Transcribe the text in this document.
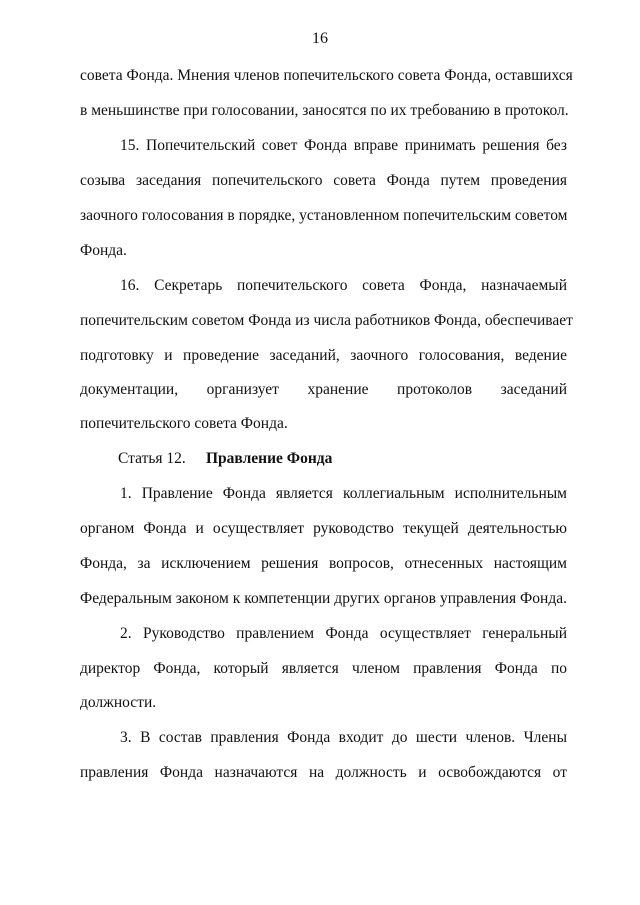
16
совета Фонда. Мнения членов попечительского совета Фонда, оставшихся
в меньшинстве при голосовании, заносятся по их требованию в протокол.
15. Попечительский совет Фонда вправе принимать решения без
созыва заседания попечительского совета Фонда путем проведения
заочного голосования в порядке, установленном попечительским советом
Фонда.
16. Секретарь попечительского совета Фонда, назначаемый
попечительским советом Фонда из числа работников Фонда, обеспечивает
подготовку и проведение заседаний, заочного голосования, ведение
документации, организует хранение протоколов заседаний
попечительского совета Фонда.
Статья 12. Правление Фонда
1. Правление Фонда является коллегиальным исполнительным
органом Фонда и осуществляет руководство текущей деятельностью
Фонда, за исключением решения вопросов, отнесенных настоящим
Федеральным законом к компетенции других органов управления Фонда.
2. Руководство правлением Фонда осуществляет генеральный
директор Фонда, который является членом правления Фонда по
должности.
3. В состав правления Фонда входит до шести членов. Члены
правления Фонда назначаются на должность и освобождаются от
